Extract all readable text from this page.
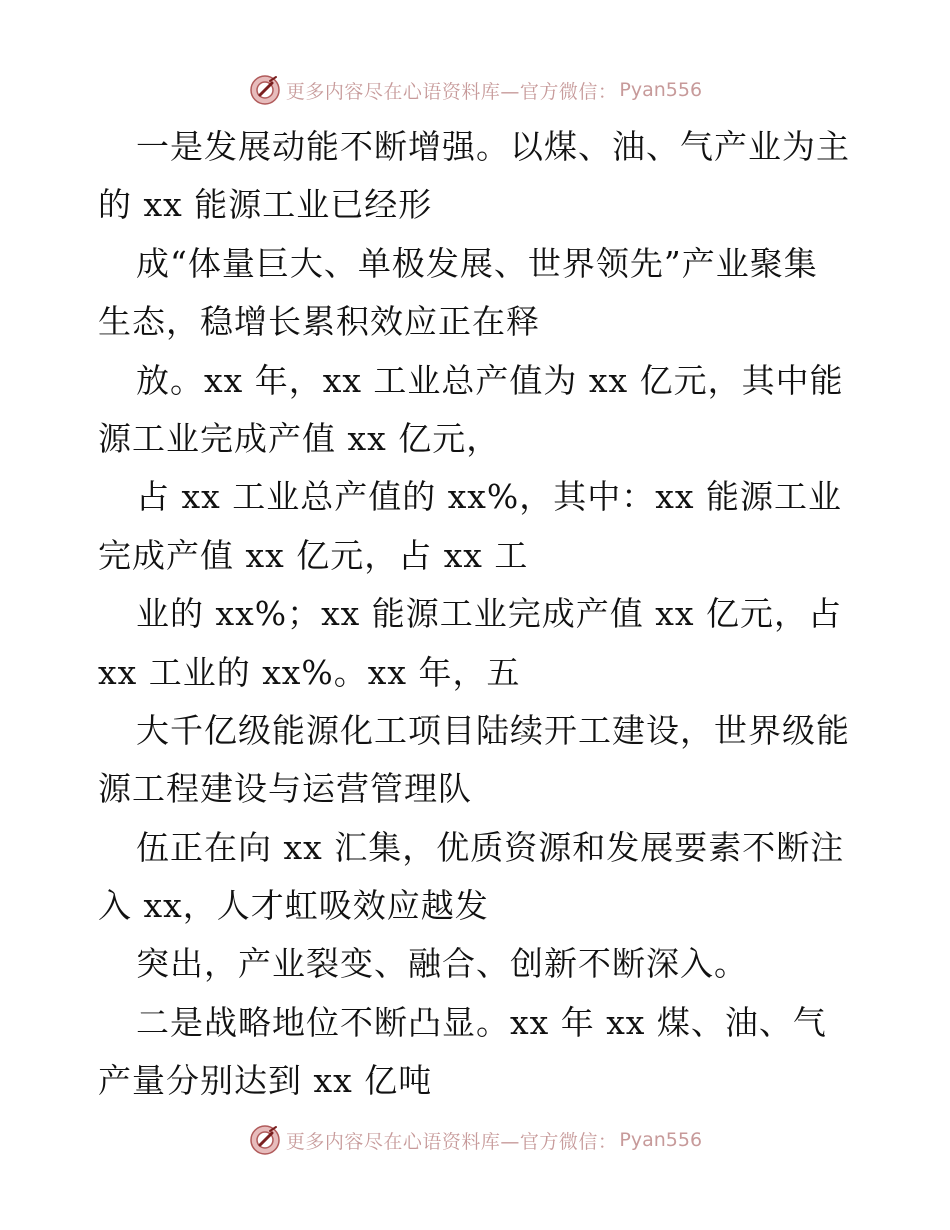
更多内容尽在心语资料库—官方微信： Pyan556
一是发展动能不断增强。以煤、油、气产业为主
的 xx 能源工业已经形
成“体量巨大、单极发展、世界领先”产业聚集
生态，稳增长累积效应正在释
放。xx 年，xx 工业总产值为 xx 亿元，其中能
源工业完成产值 xx 亿元，
占 xx 工业总产值的 xx%，其中：xx 能源工业
完成产值 xx 亿元，占 xx 工
业的 xx%；xx 能源工业完成产值 xx 亿元，占
xx 工业的 xx%。xx 年，五
大千亿级能源化工项目陆续开工建设，世界级能
源工程建设与运营管理队
伍正在向 xx 汇集，优质资源和发展要素不断注
入 xx，人才虹吸效应越发
突出，产业裂变、融合、创新不断深入。
二是战略地位不断凸显。xx 年 xx 煤、油、气
产量分别达到 xx 亿吨
更多内容尽在心语资料库—官方微信： Pyan556
